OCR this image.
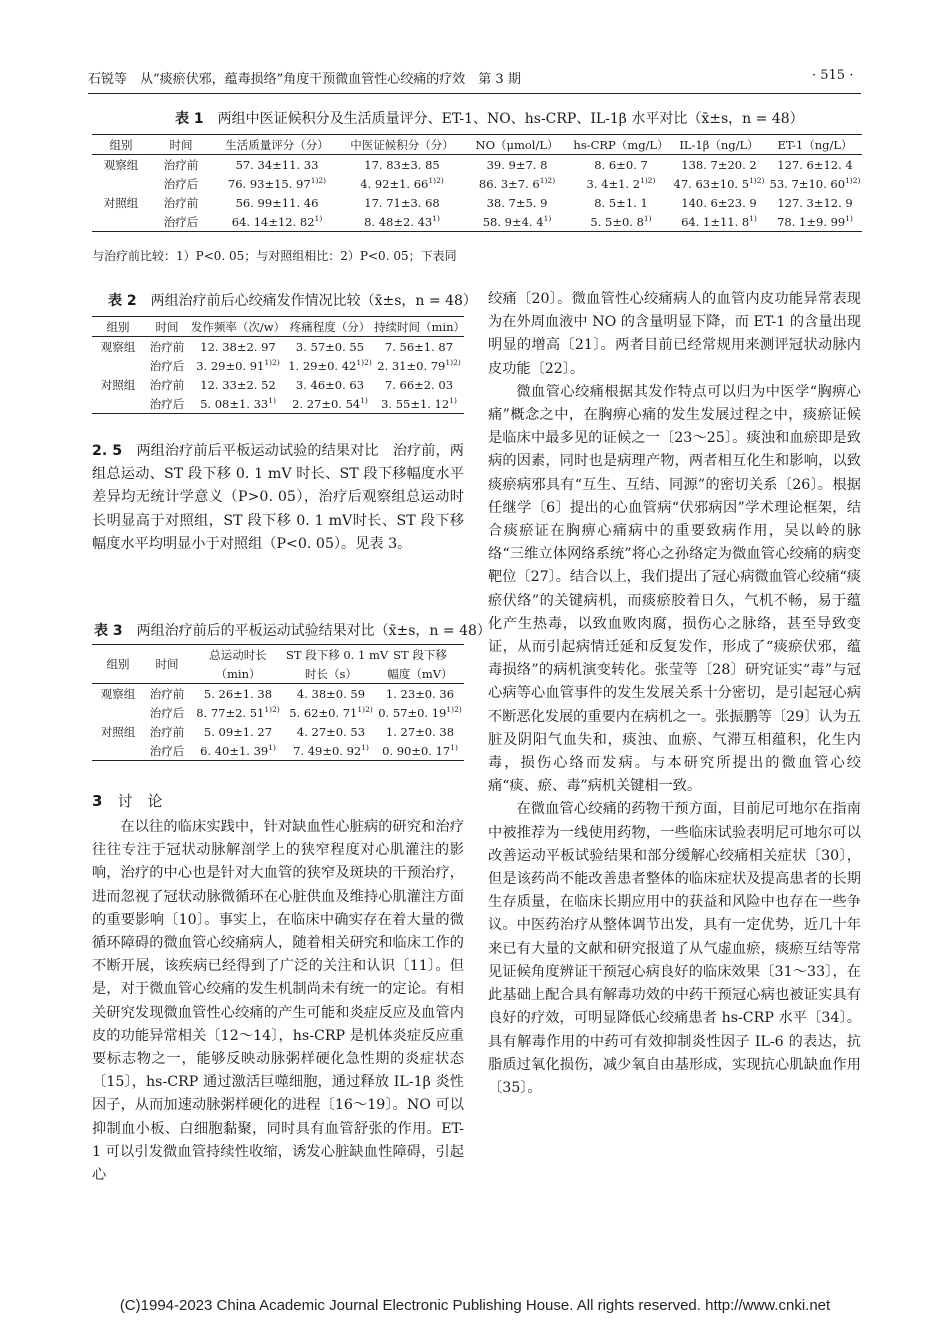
石锐等　从“痰瘀伏邪，蕴毒损络”角度干预微血管性心绞痛的疗效　第 3 期	· 515 ·
表 1　 两组中医证候积分及生活质量评分、ET-1、NO、hs-CRP、IL-1β 水平对比（x̄±s，n = 48）
组别	时间	生活质量评分（分）	中医证候积分（分）	NO（μmol/L）	hs-CRP（mg/L）	IL-1β（ng/L）	ET-1（ng/L）
观察组	治疗前	57. 34±11. 33	17. 83±3. 85	39. 9±7. 8	8. 6±0. 7	138. 7±20. 2	127. 6±12. 4
	治疗后	76. 93±15. $97^{1)2)}$	4. 92±1. $66^{1)2)}$	86. 3±7. $6^{1)2)}$	3. 4±1. $2^{1)2)}$	47. 63±10. $5^{1)2)}$	53. 7±10. $60^{1)2)}$
对照组	治疗前	56. 99±11. 46	17. 71±3. 68	38. 7±5. 9	8. 5±1. 1	140. 6±23. 9	127. 3±12. 9
	治疗后	64. 14±12. 82$^{1)}$	8. 48±2. 43$^{1)}$	58. 9±4. 4$^{1)}$	5. 5±0. 8$^{1)}$	64. 1±11. 8$^{1)}$	78. 1±9. 99$^{1)}$
与治疗前比较：1）P<0. 05；与对照组相比：2）P<0. 05；下表同
表 2　 两组治疗前后心绞痛发作情况比较（x̄±s，n = 48）
组别	时间	发作频率（次/w）	疼痛程度（分）	持续时间（min）
观察组	治疗前	12. 38±2. 97	3. 57±0. 55	7. 56±1. 87
	治疗后	3. 29±0. $91^{1)2)}$	1. 29±0. $42^{1)2)}$	2. 31±0. $79^{1)2)}$
对照组	治疗前	12. 33±2. 52	3. 46±0. 63	7. 66±2. 03
	治疗后	5. 08±1. 33$^{1)}$	2. 27±0. 54$^{1)}$	3. 55±1. 12$^{1)}$

2. 5　 两组治疗前后平板运动试验的结果对比　 治疗前，两组总运动、ST 段下移 0. 1 mV 时长、ST 段下移幅度水平差异均无统计学意义（P>0. 05），治疗后观察组总运动时长明显高于对照组，ST 段下移 0. 1 mV时长、ST 段下移幅度水平均明显小于对照组（P<0. 05）。见表 3。

表 3　 两组治疗前后的平板运动试验结果对比（x̄±s，n = 48）
组别	时间	总运动时长	ST 段下移 0. 1 mV	ST 段下移
		（min）	时长（s）	幅度（mV）
观察组	治疗前	5. 26±1. 38	4. 38±0. 59	1. 23±0. 36
	治疗后	8. 77±2. $51^{1)2)}$	5. 62±0. $71^{1)2)}$	0. 57±0. $19^{1)2)}$
对照组	治疗前	5. 09±1. 27	4. 27±0. 53	1. 27±0. 38
	治疗后	6. 40±1. 39$^{1)}$	7. 49±0. 92$^{1)}$	0. 90±0. 17$^{1)}$
3　 讨　论

在以往的临床实践中，针对缺血性心脏病的研究和治疗往往专注于冠状动脉解剖学上的狭窄程度对心肌灌注的影响，治疗的中心也是针对大血管的狭窄及斑块的干预治疗，进而忽视了冠状动脉微循环在心脏供血及维持心肌灌注方面的重要影响〔10〕。事实上，在临床中确实存在着大量的微循环障碍的微血管心绞痛病人，随着相关研究和临床工作的不断开展，该疾病已经得到了广泛的关注和认识〔11〕。但是，对于微血管心绞痛的发生机制尚未有统一的定论。有相关研究发现微血管性心绞痛的产生可能和炎症反应及血管内皮的功能异常相关〔12～14〕，hs-CRP 是机体炎症反应重要标志物之一，能够反映动脉粥样硬化急性期的炎症状态〔15〕，hs-CRP 通过激活巨噬细胞，通过释放 IL-1β 炎性因子，从而加速动脉粥样硬化的进程〔16～19〕。NO 可以抑制血小板、白细胞黏聚，同时具有血管舒张的作用。ET-1 可以引发微血管持续性收缩，诱发心脏缺血性障碍，引起心

绞痛〔20〕。微血管性心绞痛病人的血管内皮功能异常表现为在外周血液中 NO 的含量明显下降，而 ET-1 的含量出现明显的增高〔21〕。两者目前已经常规用来测评冠状动脉内皮功能〔22〕。

微血管心绞痛根据其发作特点可以归为中医学“胸痹心痛”概念之中，在胸痹心痛的发生发展过程之中，痰瘀证候是临床中最多见的证候之一〔23～25〕。痰浊和血瘀即是致病的因素，同时也是病理产物，两者相互化生和影响，以致痰瘀病邪具有“互生、互结、同源”的密切关系〔26〕。根据任继学〔6〕提出的心血管病“伏邪病因”学术理论框架，结合痰瘀证在胸痹心痛病中的重要致病作用，吴以岭的脉络“三维立体网络系统”将心之孙络定为微血管心绞痛的病变靶位〔27〕。结合以上，我们提出了冠心病微血管心绞痛“痰瘀伏络”的关键病机，而痰瘀胶着日久，气机不畅，易于蕴化产生热毒，以致血败肉腐，损伤心之脉络，甚至导致变证，从而引起病情迁延和反复发作，形成了“痰瘀伏邪，蕴毒损络”的病机演变转化。张莹等〔28〕研究证实“毒”与冠心病等心血管事件的发生发展关系十分密切，是引起冠心病不断恶化发展的重要内在病机之一。张振鹏等〔29〕认为五脏及阴阳气血失和，痰浊、血瘀、气滞互相蕴积，化生内毒，损伤心络而发病。与本研究所提出的微血管心绞痛“痰、瘀、毒”病机关键相一致。

在微血管心绞痛的药物干预方面，目前尼可地尔在指南中被推荐为一线使用药物，一些临床试验表明尼可地尔可以改善运动平板试验结果和部分缓解心绞痛相关症状〔30〕，但是该药尚不能改善患者整体的临床症状及提高患者的长期生存质量，在临床长期应用中的获益和风险中也存在一些争议。中医药治疗从整体调节出发，具有一定优势，近几十年来已有大量的文献和研究报道了从气虚血瘀，痰瘀互结等常见证候角度辨证干预冠心病良好的临床效果〔31～33〕，在此基础上配合具有解毒功效的中药干预冠心病也被证实具有良好的疗效，可明显降低心绞痛患者 hs-CRP 水平〔34〕。具有解毒作用的中药可有效抑制炎性因子 IL-6 的表达，抗脂质过氧化损伤，减少氧自由基形成，实现抗心肌缺血作用〔35〕。

(C)1994-2023 China Academic Journal Electronic Publishing House. All rights reserved. http://www.cnki.net
